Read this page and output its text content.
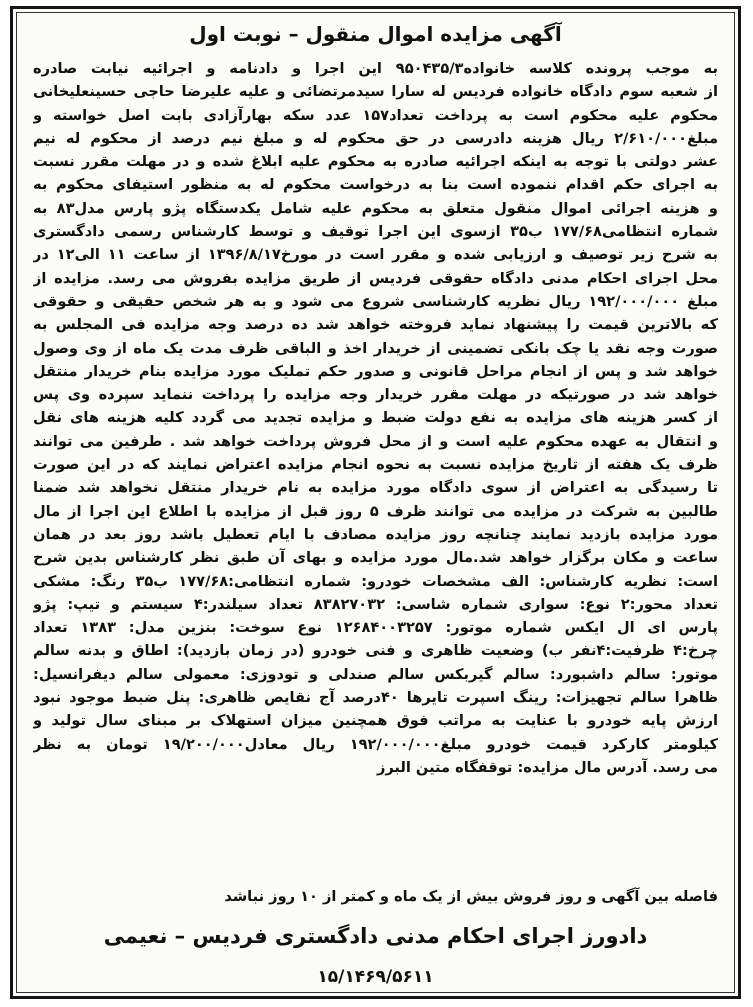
آگهی مزایده اموال منقول – نوبت اول
به موجب پرونده کلاسه خانواده۹۵۰۴۳۵/۳ این اجرا و دادنامه و اجرائیه نیابت صادره
از شعبه سوم دادگاه خانواده فردیس له سارا سیدمرتضائی و علیه علیرضا حاجی حسینعلیخانی
محکوم علیه محکوم است به پرداخت تعداد۱۵۷ عدد سکه بهارآزادی بابت اصل خواسته و
مبلغ۲/۶۱۰/۰۰۰ ریال هزینه دادرسی در حق محکوم له و مبلغ نیم درصد از محکوم له نیم
عشر دولتی با توجه به اینکه اجرائیه صادره به محکوم علیه ابلاغ شده و در مهلت مقرر نسبت
به اجرای حکم اقدام ننموده است بنا به درخواست محکوم له به منظور استیفای محکوم به
و هزینه اجرائی اموال منقول متعلق به محکوم علیه شامل یکدستگاه پژو پارس مدل۸۳ به
شماره انتظامی۱۷۷/۶۸ ب۳۵ ازسوی این اجرا توقیف و توسط کارشناس رسمی دادگستری
به شرح زیر توصیف و ارزیابی شده و مقرر است در مورخ۱۳۹۶/۸/۱۷ از ساعت ۱۱ الی۱۲ در
محل اجرای احکام مدنی دادگاه حقوقی فردیس از طریق مزایده بفروش می رسد. مزایده از
مبلغ ۱۹۲/۰۰۰/۰۰۰ ریال نظریه کارشناسی شروع می شود و به هر شخص حقیقی و حقوقی
که بالاترین قیمت را پیشنهاد نماید فروخته خواهد شد ده درصد وجه مزایده فی المجلس به
صورت وجه نقد یا چک بانکی تضمینی از خریدار اخذ و الباقی ظرف مدت یک ماه از وی وصول
خواهد شد و پس از انجام مراحل قانونی و صدور حکم تملیک مورد مزایده بنام خریدار منتقل
خواهد شد در صورتیکه در مهلت مقرر خریدار وجه مزایده را پرداخت ننماید سپرده وی پس
از کسر هزینه های مزایده به نفع دولت ضبط و مزایده تجدید می گردد کلیه هزینه های نقل
و انتقال به عهده محکوم علیه است و از محل فروش پرداخت خواهد شد . طرفین می توانند
ظرف یک هفته از تاریخ مزایده نسبت به نحوه انجام مزایده اعتراض نمایند که در این صورت
تا رسیدگی به اعتراض از سوی دادگاه مورد مزایده به نام خریدار منتقل نخواهد شد ضمنا
طالبین به شرکت در مزایده می توانند ظرف ۵ روز قبل از مزایده با اطلاع این اجرا از مال
مورد مزایده بازدید نمایند چنانچه روز مزایده مصادف با ایام تعطیل باشد روز بعد در همان
ساعت و مکان برگزار خواهد شد.مال مورد مزایده و بهای آن طبق نظر کارشناس بدین شرح
است: نظریه کارشناس: الف مشخصات خودرو: شماره انتظامی:۱۷۷/۶۸ ب۳۵ رنگ: مشکی
تعداد محور:۲ نوع: سواری شماره شاسی: ۸۳۸۲۷۰۳۲ تعداد سیلندر:۴ سیستم و تیپ: پژو
پارس ای ال ایکس شماره موتور: ۱۲۶۸۴۰۰۳۲۵۷ نوع سوخت: بنزین مدل: ۱۳۸۳ تعداد
چرخ:۴ ظرفیت:۴نفر ب) وضعیت ظاهری و فنی خودرو (در زمان بازدید): اطاق و بدنه سالم
موتور: سالم داشبورد: سالم گیربکس سالم صندلی و تودوزی: معمولی سالم دیفرانسیل:
ظاهرا سالم تجهیزات: رینگ اسپرت تایرها ۴۰درصد آج نقایص ظاهری: پنل ضبط موجود نبود
ارزش پایه خودرو با عنایت به مراتب فوق همچنین میزان استهلاک بر مبنای سال تولید و
کیلومتر کارکرد قیمت خودرو مبلغ۱۹۲/۰۰۰/۰۰۰ ریال معادل۱۹/۲۰۰/۰۰۰ تومان به نظر
می رسد. آدرس مال مزایده: توقفگاه متین البرز
فاصله بین آگهی و روز فروش بیش از یک ماه و کمتر از ۱۰ روز نباشد
دادورز اجرای احکام مدنی دادگستری فردیس – نعیمی
۱۵/۱۴۶۹/۵۶۱۱
